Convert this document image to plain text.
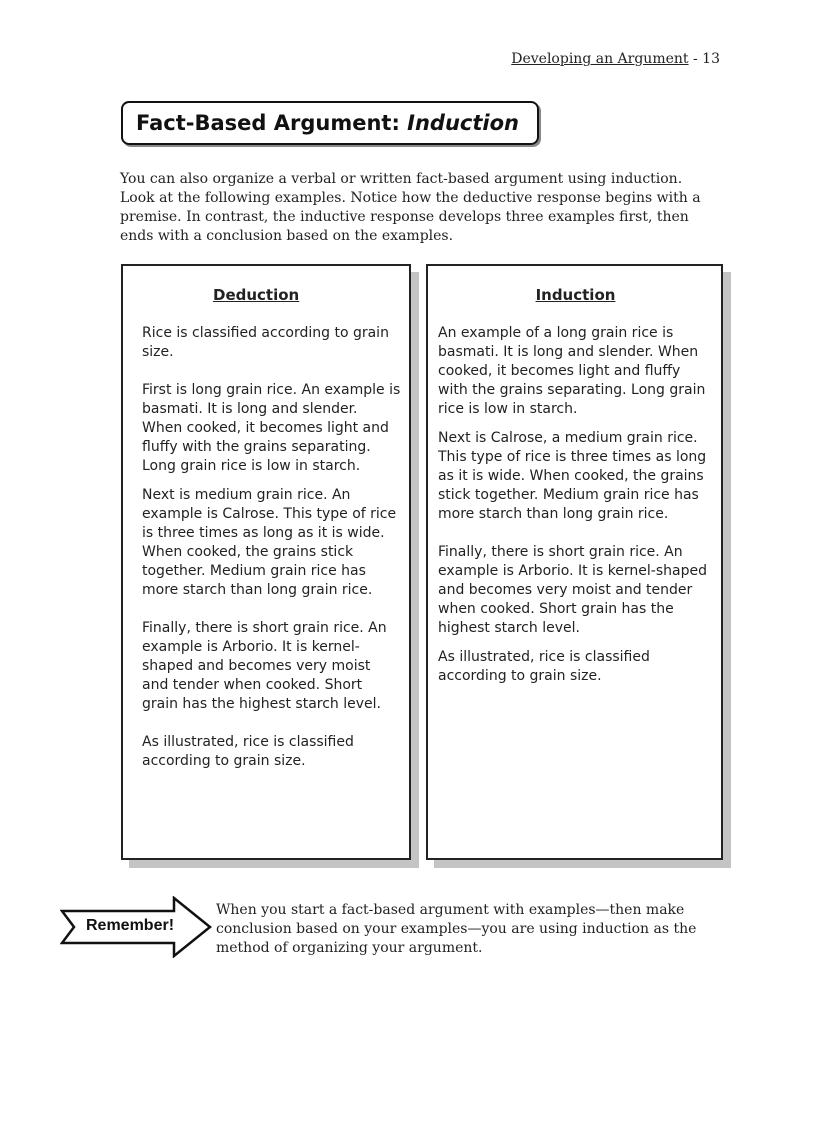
Developing an Argument - 13
Fact-Based Argument:
Induction

You can also organize a verbal or written fact-based argument using induction. Look at the following examples. Notice how the deductive response begins with a premise. In contrast, the inductive response develops three examples first, then ends with a conclusion based on the examples.

Deduction

Rice is classified according to grain size.

First is long grain rice. An example is basmati. It is long and slender. When cooked, it becomes light and fluffy with the grains separating. Long grain rice is low in starch.

Next is medium grain rice. An example is Calrose. This type of rice is three times as long as it is wide. When cooked, the grains stick together. Medium grain rice has more starch than long grain rice.

Finally, there is short grain rice. An example is Arborio. It is kernel-shaped and becomes very moist and tender when cooked. Short grain has the highest starch level.

As illustrated, rice is classified according to grain size.

Induction

An example of a long grain rice is basmati. It is long and slender. When cooked, it becomes light and fluffy with the grains separating. Long grain rice is low in starch.

Next is Calrose, a medium grain rice. This type of rice is three times as long as it is wide. When cooked, the grains stick together. Medium grain rice has more starch than long grain rice.

Finally, there is short grain rice. An example is Arborio. It is kernel-shaped and becomes very moist and tender when cooked. Short grain has the highest starch level.

As illustrated, rice is classified according to grain size.

Remember!

When you start a fact-based argument with examples—then make conclusion based on your examples—you are using induction as the method of organizing your argument.
